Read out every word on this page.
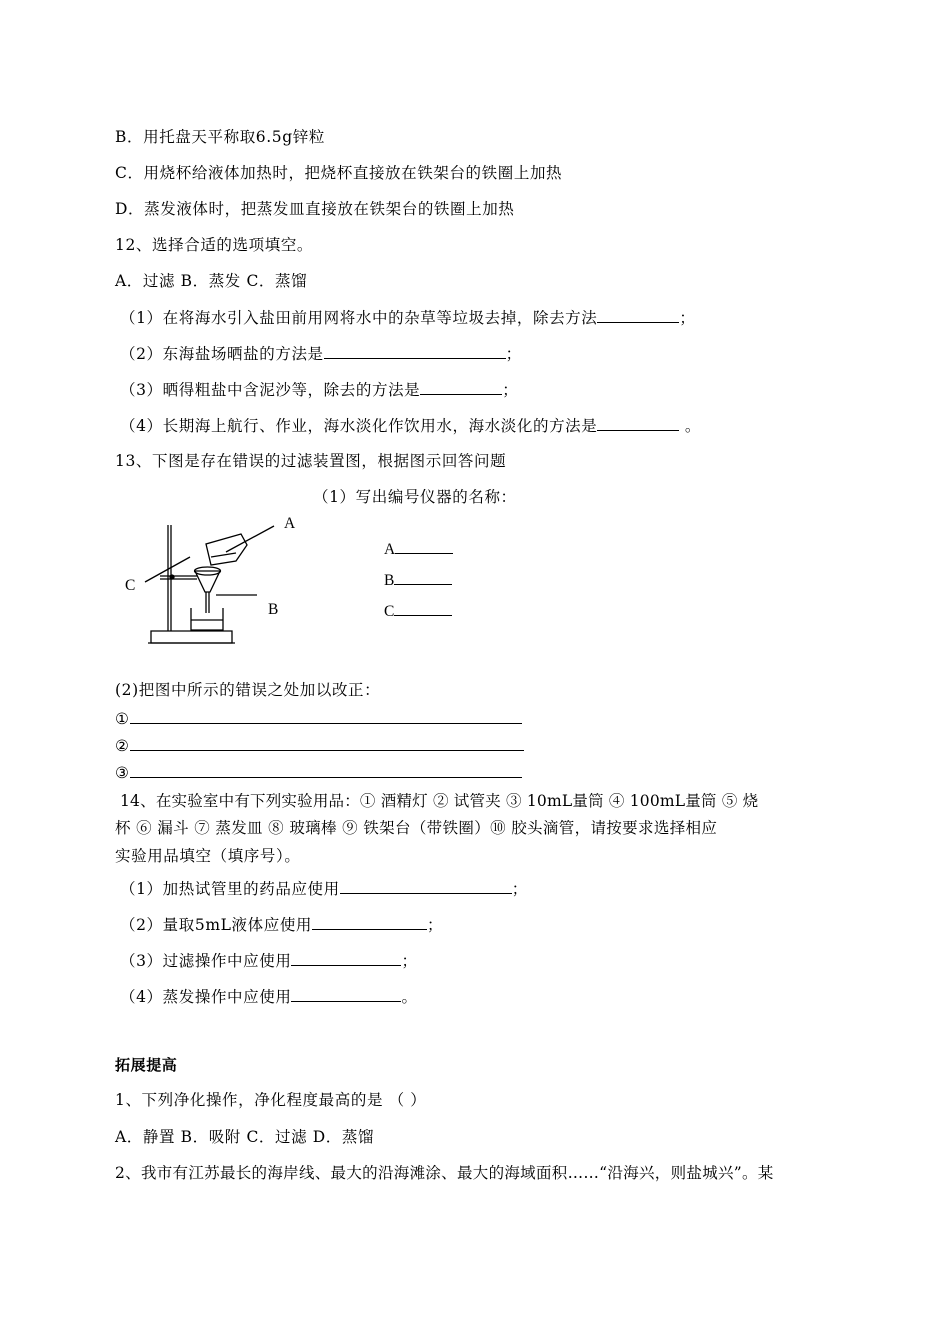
B．用托盘天平称取6.5g锌粒
C．用烧杯给液体加热时，把烧杯直接放在铁架台的铁圈上加热
D．蒸发液体时，把蒸发皿直接放在铁架台的铁圈上加热
12、选择合适的选项填空。
A．过滤 B．蒸发 C．蒸馏
（1）在将海水引入盐田前用网将水中的杂草等垃圾去掉，除去方法	；
（2）东海盐场晒盐的方法是	；
（3）晒得粗盐中含泥沙等，除去的方法是	；
（4）长期海上航行、作业，海水淡化作饮用水，海水淡化的方法是	。
13、下图是存在错误的过滤装置图，根据图示回答问题
（1）写出编号仪器的名称：
A
B
C
A
B
C
(2)把图中所示的错误之处加以改正：
①
②
③
14、在实验室中有下列实验用品：① 酒精灯 ② 试管夹 ③ 10mL量筒 ④ 100mL量筒 ⑤ 烧
杯 ⑥ 漏斗 ⑦ 蒸发皿 ⑧ 玻璃棒 ⑨ 铁架台（带铁圈）⑩ 胶头滴管，请按要求选择相应
实验用品填空（填序号）。
（1）加热试管里的药品应使用	；
（2）量取5mL液体应使用	；
（3）过滤操作中应使用	；
（4）蒸发操作中应使用	。
拓展提高
1、下列净化操作，净化程度最高的是 （ ）
A．静置 B．吸附 C．过滤 D．蒸馏
2、我市有江苏最长的海岸线、最大的沿海滩涂、最大的海域面积……“沿海兴，则盐城兴”。某
